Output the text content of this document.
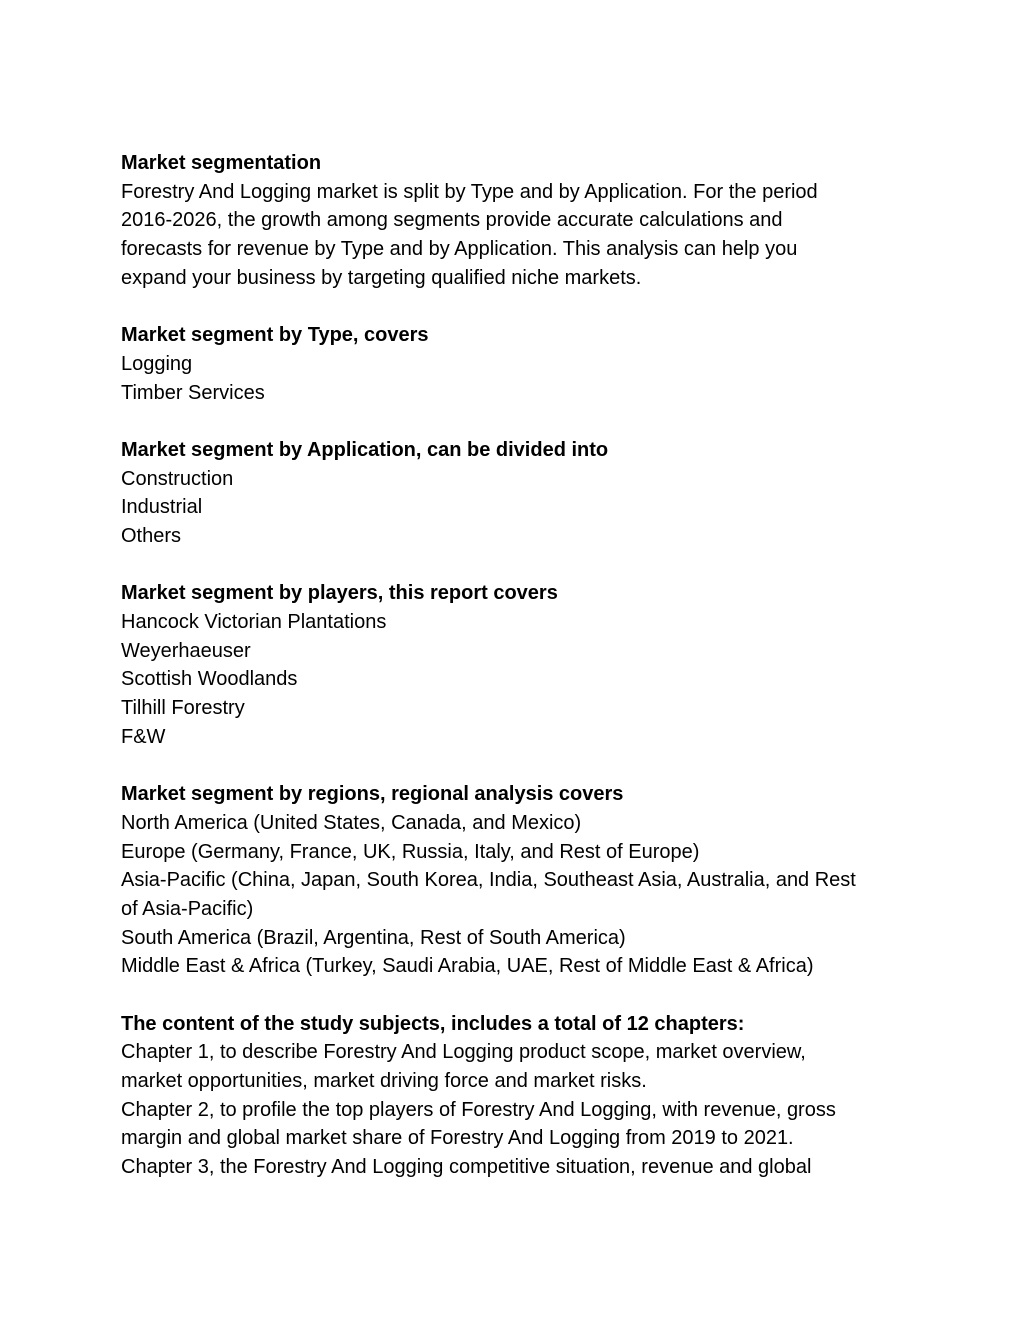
Market segmentation
Forestry And Logging market is split by Type and by Application. For the period
2016-2026, the growth among segments provide accurate calculations and
forecasts for revenue by Type and by Application. This analysis can help you
expand your business by targeting qualified niche markets.
Market segment by Type, covers
Logging
Timber Services
Market segment by Application, can be divided into
Construction
Industrial
Others
Market segment by players, this report covers
Hancock Victorian Plantations
Weyerhaeuser
Scottish Woodlands
Tilhill Forestry
F&W
Market segment by regions, regional analysis covers
North America (United States, Canada, and Mexico)
Europe (Germany, France, UK, Russia, Italy, and Rest of Europe)
Asia-Pacific (China, Japan, South Korea, India, Southeast Asia, Australia, and Rest
of Asia-Pacific)
South America (Brazil, Argentina, Rest of South America)
Middle East & Africa (Turkey, Saudi Arabia, UAE, Rest of Middle East & Africa)
The content of the study subjects, includes a total of 12 chapters:
Chapter 1, to describe Forestry And Logging product scope, market overview,
market opportunities, market driving force and market risks.
Chapter 2, to profile the top players of Forestry And Logging, with revenue, gross
margin and global market share of Forestry And Logging from 2019 to 2021.
Chapter 3, the Forestry And Logging competitive situation, revenue and global
